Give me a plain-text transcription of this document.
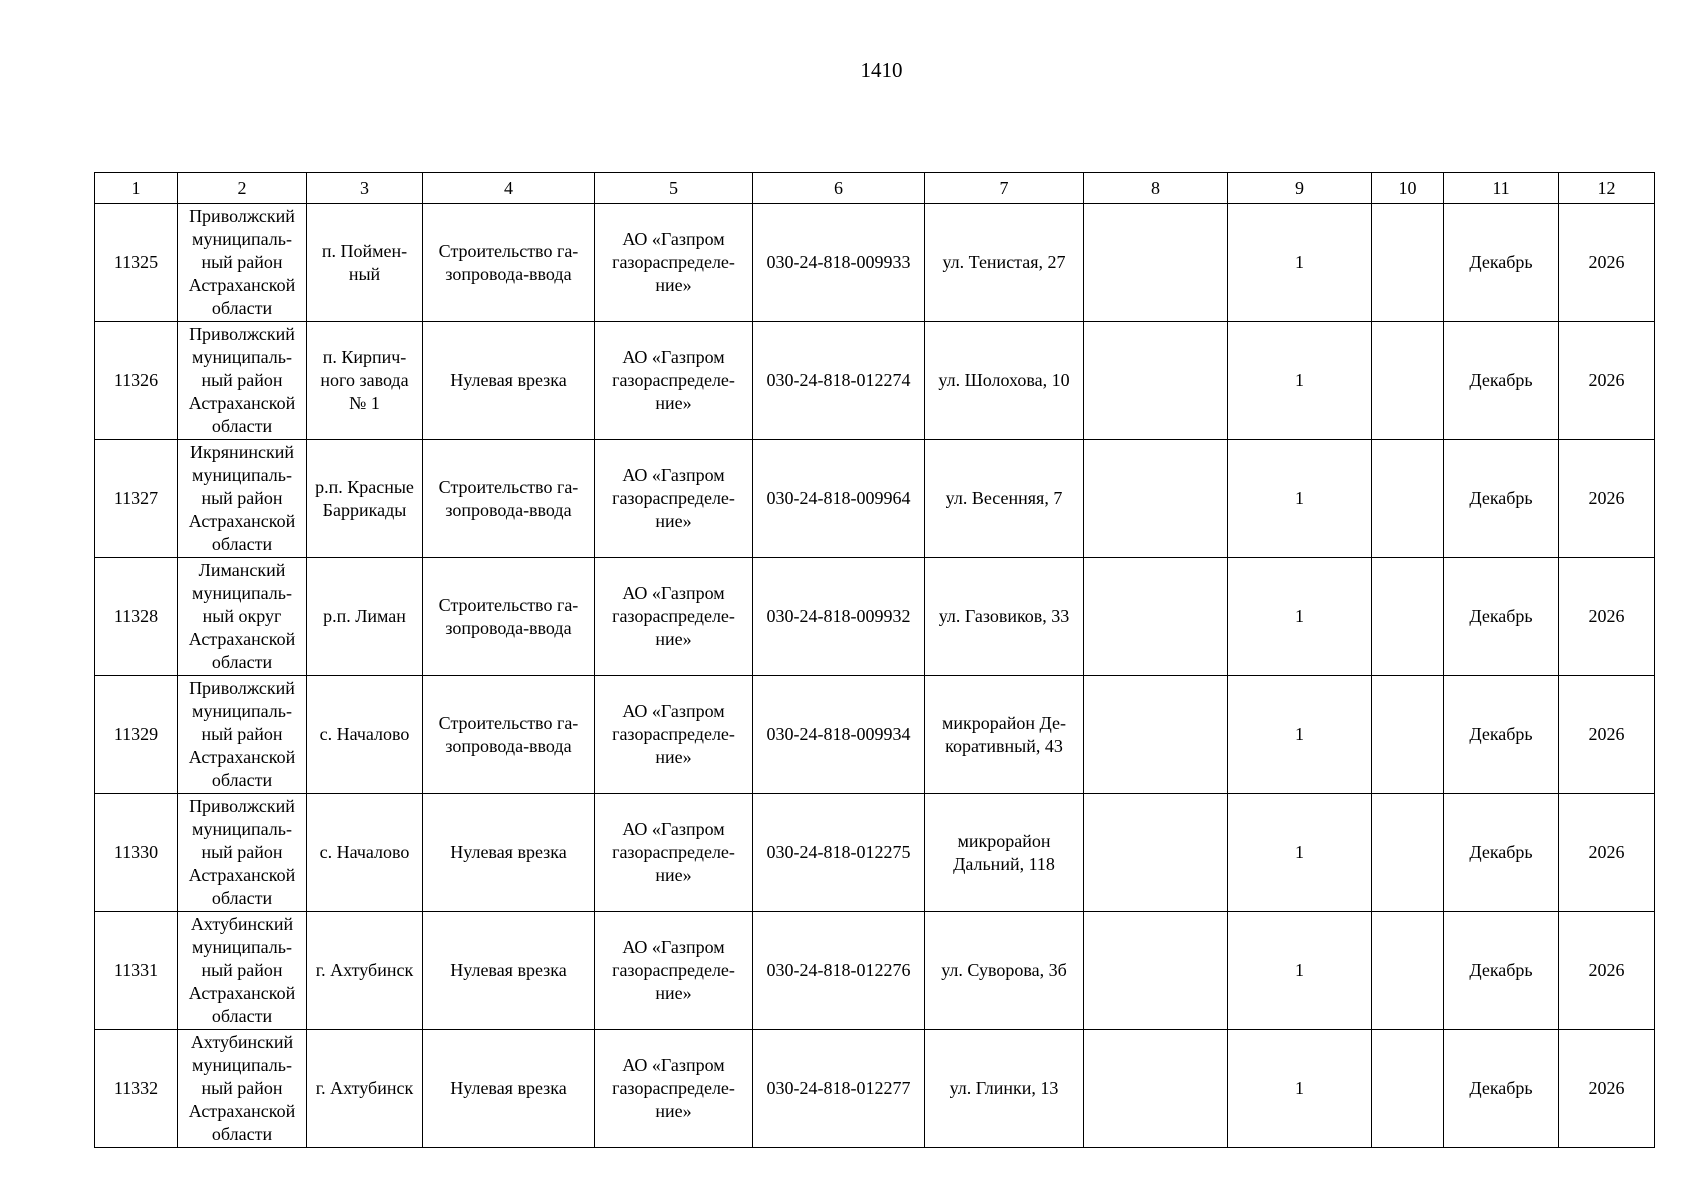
1410
1	2	3	4	5	6	7	8	9	10	11	12
11325	Приволжский
муниципаль-
ный район
Астраханской
области	п. Поймен-
ный	Строительство га-
зопровода-ввода	АО «Газпром
газораспределе-
ние»	030-24-818-009933	ул. Тенистая, 27		1		Декабрь	2026
11326	Приволжский
муниципаль-
ный район
Астраханской
области	п. Кирпич-
ного завода
№ 1	Нулевая врезка	АО «Газпром
газораспределе-
ние»	030-24-818-012274	ул. Шолохова, 10		1		Декабрь	2026
11327	Икрянинский
муниципаль-
ный район
Астраханской
области	р.п. Красные
Баррикады	Строительство га-
зопровода-ввода	АО «Газпром
газораспределе-
ние»	030-24-818-009964	ул. Весенняя, 7		1		Декабрь	2026
11328	Лиманский
муниципаль-
ный округ
Астраханской
области	р.п. Лиман	Строительство га-
зопровода-ввода	АО «Газпром
газораспределе-
ние»	030-24-818-009932	ул. Газовиков, 33		1		Декабрь	2026
11329	Приволжский
муниципаль-
ный район
Астраханской
области	с. Началово	Строительство га-
зопровода-ввода	АО «Газпром
газораспределе-
ние»	030-24-818-009934	микрорайон Де-
коративный, 43		1		Декабрь	2026
11330	Приволжский
муниципаль-
ный район
Астраханской
области	с. Началово	Нулевая врезка	АО «Газпром
газораспределе-
ние»	030-24-818-012275	микрорайон
Дальний, 118		1		Декабрь	2026
11331	Ахтубинский
муниципаль-
ный район
Астраханской
области	г. Ахтубинск	Нулевая врезка	АО «Газпром
газораспределе-
ние»	030-24-818-012276	ул. Суворова, 3б		1		Декабрь	2026
11332	Ахтубинский
муниципаль-
ный район
Астраханской
области	г. Ахтубинск	Нулевая врезка	АО «Газпром
газораспределе-
ние»	030-24-818-012277	ул. Глинки, 13		1		Декабрь	2026
